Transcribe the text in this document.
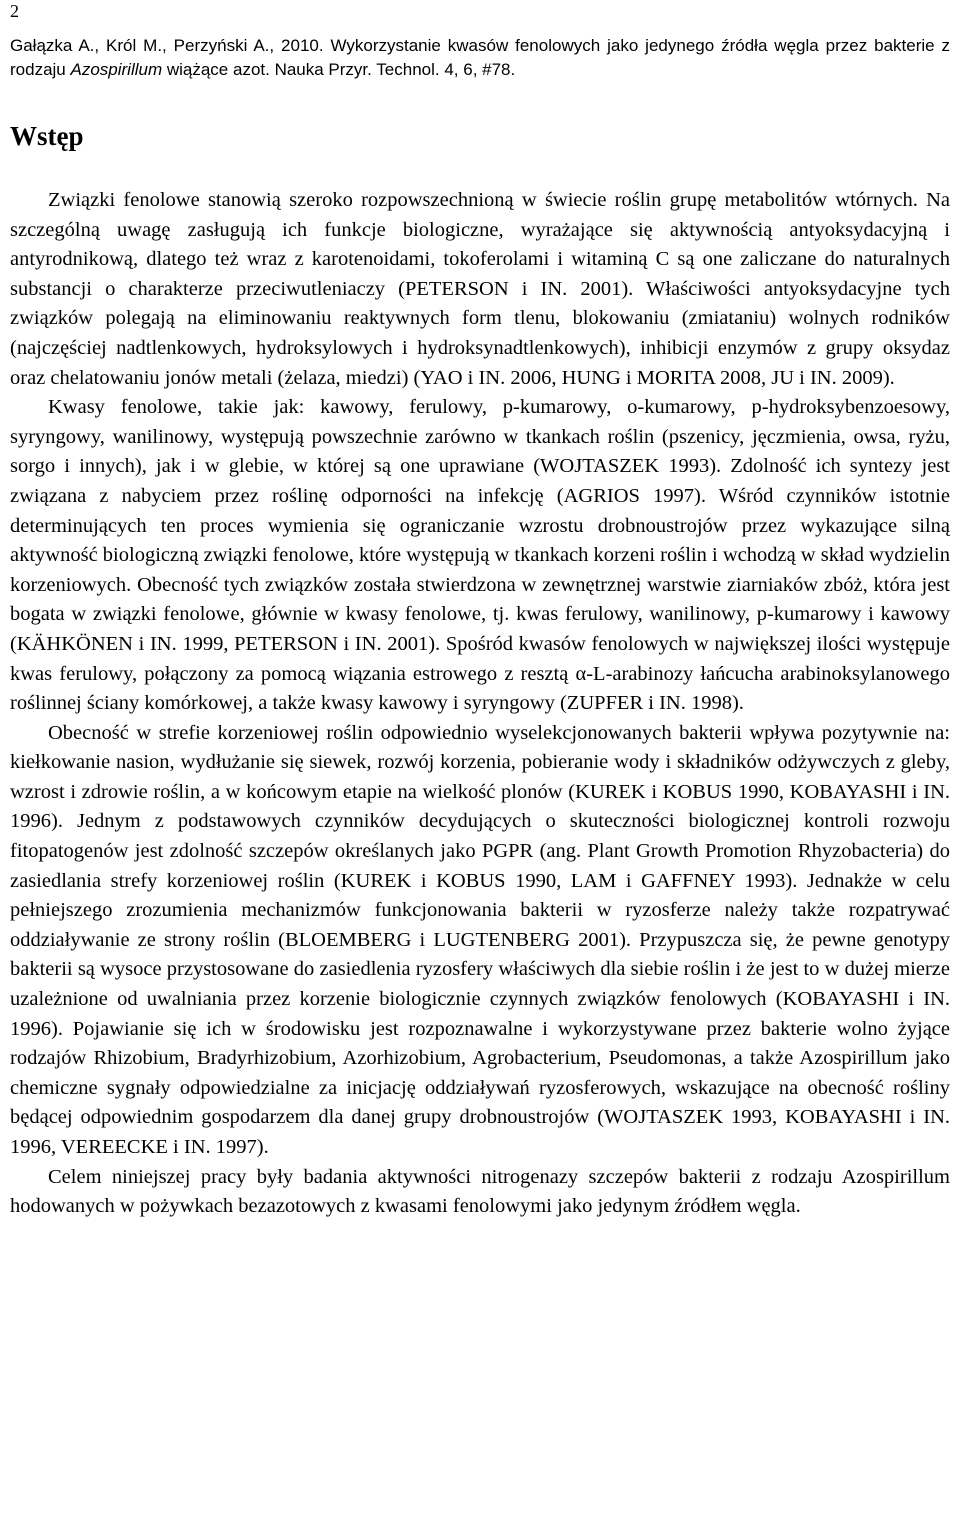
2

Gałązka A., Król M., Perzyński A., 2010. Wykorzystanie kwasów fenolowych jako jedynego źródła węgla przez bakterie z rodzaju Azospirillum wiążące azot. Nauka Przyr. Technol. 4, 6, #78.

Wstęp

Związki fenolowe stanowią szeroko rozpowszechnioną w świecie roślin grupę metabolitów wtórnych. Na szczególną uwagę zasługują ich funkcje biologiczne, wyrażające się aktywnością antyoksydacyjną i antyrodnikową, dlatego też wraz z karotenoidami, tokoferolami i witaminą C są one zaliczane do naturalnych substancji o charakterze przeciwutleniaczy (PETERSON i IN. 2001). Właściwości antyoksydacyjne tych związków polegają na eliminowaniu reaktywnych form tlenu, blokowaniu (zmiataniu) wolnych rodników (najczęściej nadtlenkowych, hydroksylowych i hydroksynadtlenkowych), inhibicji enzymów z grupy oksydaz oraz chelatowaniu jonów metali (żelaza, miedzi) (YAO i IN. 2006, HUNG i MORITA 2008, JU i IN. 2009).

Kwasy fenolowe, takie jak: kawowy, ferulowy, p-kumarowy, o-kumarowy, p-hydroksybenzoesowy, syryngowy, wanilinowy, występują powszechnie zarówno w tkankach roślin (pszenicy, jęczmienia, owsa, ryżu, sorgo i innych), jak i w glebie, w której są one uprawiane (WOJTASZEK 1993). Zdolność ich syntezy jest związana z nabyciem przez roślinę odporności na infekcję (AGRIOS 1997). Wśród czynników istotnie determinujących ten proces wymienia się ograniczanie wzrostu drobnoustrojów przez wykazujące silną aktywność biologiczną związki fenolowe, które występują w tkankach korzeni roślin i wchodzą w skład wydzielin korzeniowych. Obecność tych związków została stwierdzona w zewnętrznej warstwie ziarniaków zbóż, która jest bogata w związki fenolowe, głównie w kwasy fenolowe, tj. kwas ferulowy, wanilinowy, p-kumarowy i kawowy (KÄHKÖNEN i IN. 1999, PETERSON i IN. 2001). Spośród kwasów fenolowych w największej ilości występuje kwas ferulowy, połączony za pomocą wiązania estrowego z resztą α-L-arabinozy łańcucha arabinoksylanowego roślinnej ściany komórkowej, a także kwasy kawowy i syryngowy (ZUPFER i IN. 1998).

Obecność w strefie korzeniowej roślin odpowiednio wyselekcjonowanych bakterii wpływa pozytywnie na: kiełkowanie nasion, wydłużanie się siewek, rozwój korzenia, pobieranie wody i składników odżywczych z gleby, wzrost i zdrowie roślin, a w końcowym etapie na wielkość plonów (KUREK i KOBUS 1990, KOBAYASHI i IN. 1996). Jednym z podstawowych czynników decydujących o skuteczności biologicznej kontroli rozwoju fitopatogenów jest zdolność szczepów określanych jako PGPR (ang. Plant Growth Promotion Rhyzobacteria) do zasiedlania strefy korzeniowej roślin (KUREK i KOBUS 1990, LAM i GAFFNEY 1993). Jednakże w celu pełniejszego zrozumienia mechanizmów funkcjonowania bakterii w ryzosferze należy także rozpatrywać oddziaływanie ze strony roślin (BLOEMBERG i LUGTENBERG 2001). Przypuszcza się, że pewne genotypy bakterii są wysoce przystosowane do zasiedlenia ryzosfery właściwych dla siebie roślin i że jest to w dużej mierze uzależnione od uwalniania przez korzenie biologicznie czynnych związków fenolowych (KOBAYASHI i IN. 1996). Pojawianie się ich w środowisku jest rozpoznawalne i wykorzystywane przez bakterie wolno żyjące rodzajów Rhizobium, Bradyrhizobium, Azorhizobium, Agrobacterium, Pseudomonas, a także Azospirillum jako chemiczne sygnały odpowiedzialne za inicjację oddziaływań ryzosferowych, wskazujące na obecność rośliny będącej odpowiednim gospodarzem dla danej grupy drobnoustrojów (WOJTASZEK 1993, KOBAYASHI i IN. 1996, VEREECKE i IN. 1997).

Celem niniejszej pracy były badania aktywności nitrogenazy szczepów bakterii z rodzaju Azospirillum hodowanych w pożywkach bezazotowych z kwasami fenolowymi jako jedynym źródłem węgla.
